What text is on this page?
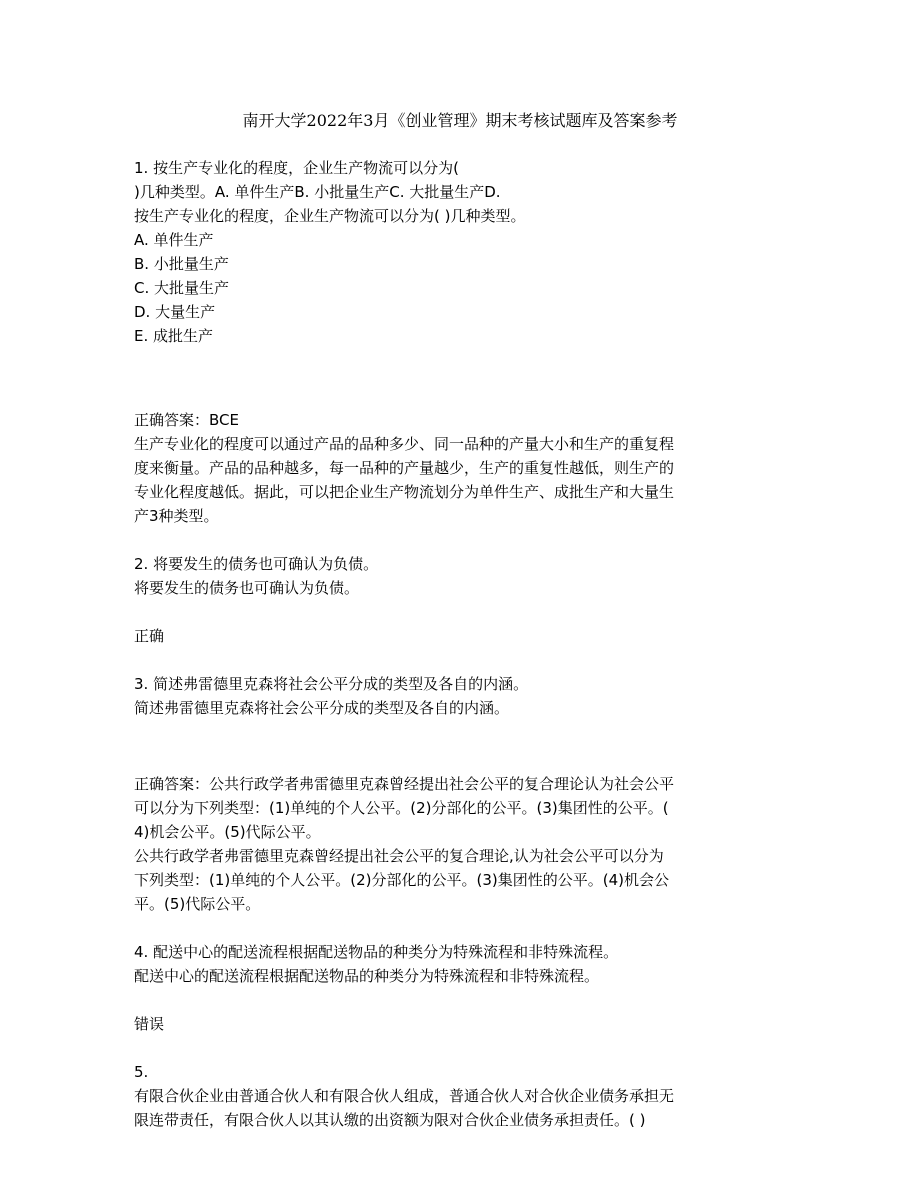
南开大学2022年3月《创业管理》期末考核试题库及答案参考
1. 按生产专业化的程度，企业生产物流可以分为(
)几种类型。A. 单件生产B. 小批量生产C. 大批量生产D.
按生产专业化的程度，企业生产物流可以分为( )几种类型。
A. 单件生产
B. 小批量生产
C. 大批量生产
D. 大量生产
E. 成批生产
正确答案：BCE
生产专业化的程度可以通过产品的品种多少、同一品种的产量大小和生产的重复程
度来衡量。产品的品种越多，每一品种的产量越少，生产的重复性越低，则生产的
专业化程度越低。据此，可以把企业生产物流划分为单件生产、成批生产和大量生
产3种类型。
2. 将要发生的债务也可确认为负债。
将要发生的债务也可确认为负债。
正确
3. 简述弗雷德里克森将社会公平分成的类型及各自的内涵。
简述弗雷德里克森将社会公平分成的类型及各自的内涵。
正确答案：公共行政学者弗雷德里克森曾经提出社会公平的复合理论认为社会公平
可以分为下列类型：(1)单纯的个人公平。(2)分部化的公平。(3)集团性的公平。(
4)机会公平。(5)代际公平。
公共行政学者弗雷德里克森曾经提出社会公平的复合理论,认为社会公平可以分为
下列类型：(1)单纯的个人公平。(2)分部化的公平。(3)集团性的公平。(4)机会公
平。(5)代际公平。
4. 配送中心的配送流程根据配送物品的种类分为特殊流程和非特殊流程。
配送中心的配送流程根据配送物品的种类分为特殊流程和非特殊流程。
错误
5.
有限合伙企业由普通合伙人和有限合伙人组成，普通合伙人对合伙企业债务承担无
限连带责任，有限合伙人以其认缴的出资额为限对合伙企业债务承担责任。( )
